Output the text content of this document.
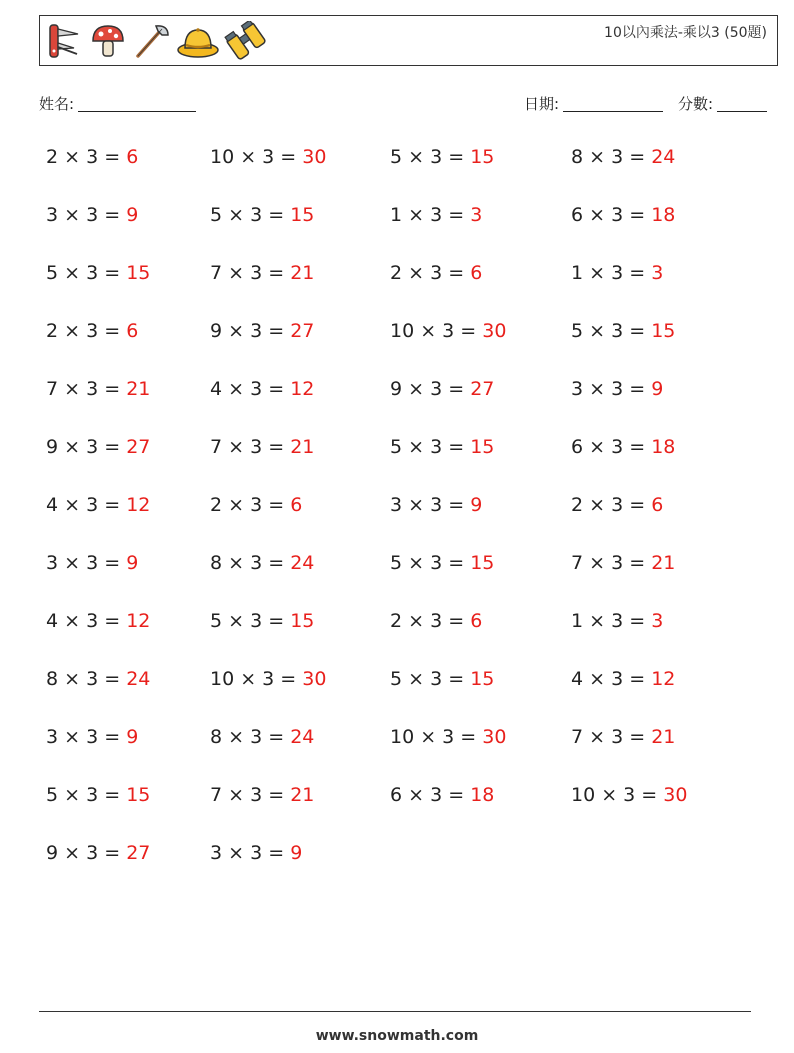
10以內乘法-乘以3 (50題)
姓名:	日期:	分數:
2 × 3 = 6	10 × 3 = 30	5 × 3 = 15	8 × 3 = 24
3 × 3 = 9	5 × 3 = 15	1 × 3 = 3	6 × 3 = 18
5 × 3 = 15	7 × 3 = 21	2 × 3 = 6	1 × 3 = 3
2 × 3 = 6	9 × 3 = 27	10 × 3 = 30	5 × 3 = 15
7 × 3 = 21	4 × 3 = 12	9 × 3 = 27	3 × 3 = 9
9 × 3 = 27	7 × 3 = 21	5 × 3 = 15	6 × 3 = 18
4 × 3 = 12	2 × 3 = 6	3 × 3 = 9	2 × 3 = 6
3 × 3 = 9	8 × 3 = 24	5 × 3 = 15	7 × 3 = 21
4 × 3 = 12	5 × 3 = 15	2 × 3 = 6	1 × 3 = 3
8 × 3 = 24	10 × 3 = 30	5 × 3 = 15	4 × 3 = 12
3 × 3 = 9	8 × 3 = 24	10 × 3 = 30	7 × 3 = 21
5 × 3 = 15	7 × 3 = 21	6 × 3 = 18	10 × 3 = 30
9 × 3 = 27	3 × 3 = 9
www.snowmath.com
